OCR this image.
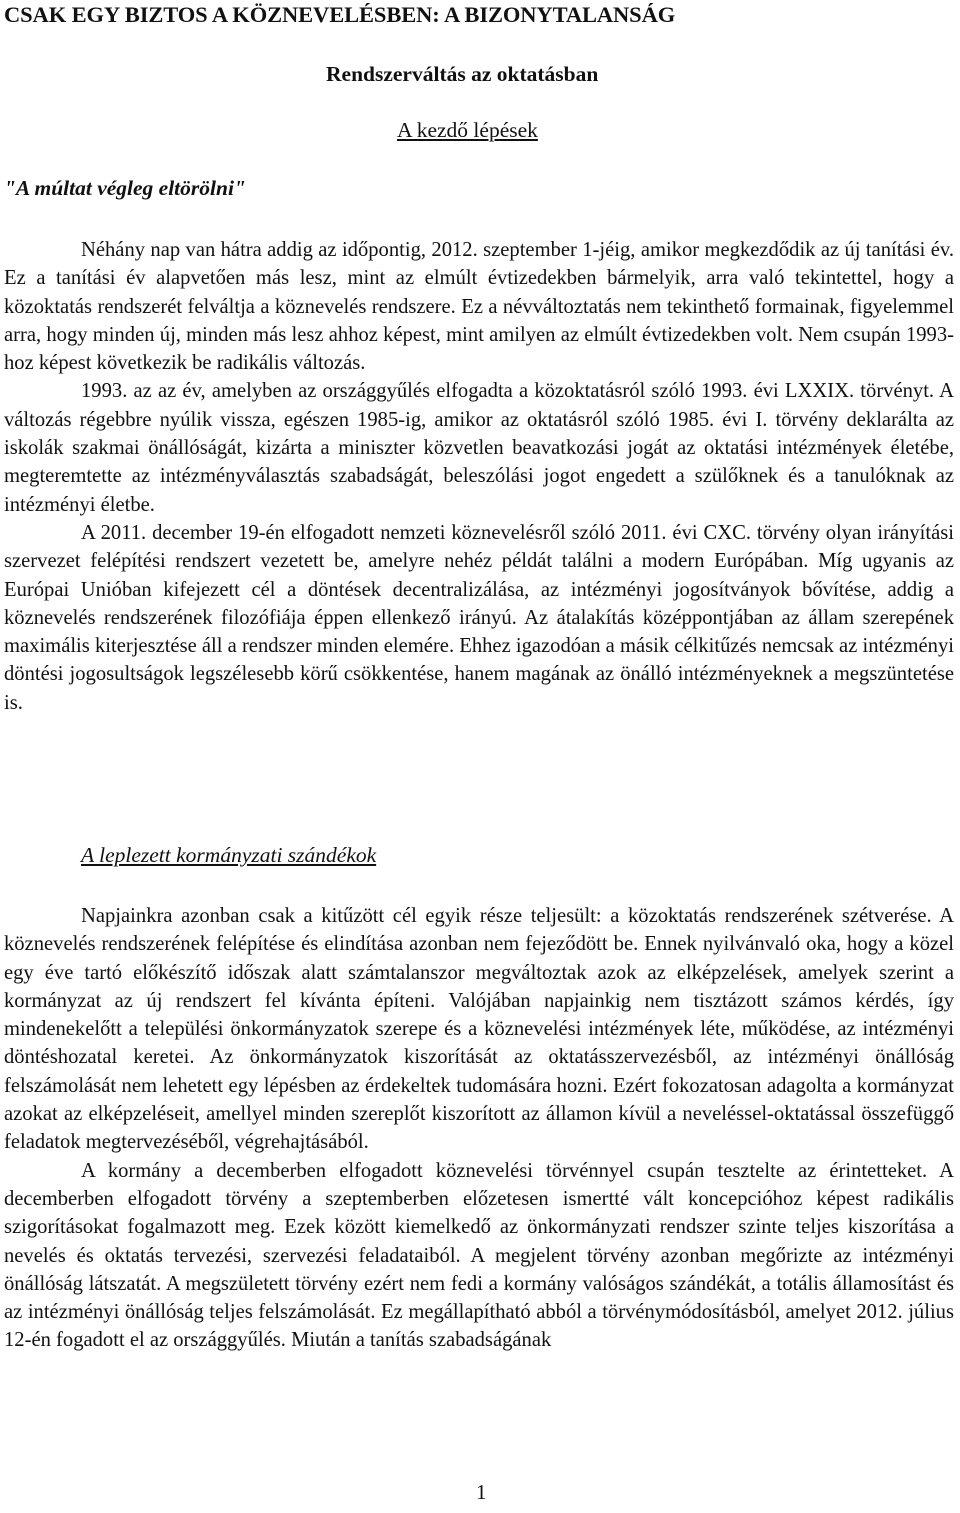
CSAK EGY BIZTOS A KÖZNEVELÉSBEN: A BIZONYTALANSÁG
Rendszerváltás az oktatásban
A kezdő lépések
"A múltat végleg eltörölni"

Néhány nap van hátra addig az időpontig, 2012. szeptember 1-jéig, amikor megkezdődik az új tanítási év. Ez a tanítási év alapvetően más lesz, mint az elmúlt évtizedekben bármelyik, arra való tekintettel, hogy a közoktatás rendszerét felváltja a köznevelés rendszere. Ez a névváltoztatás nem tekinthető formainak, figyelemmel arra, hogy minden új, minden más lesz ahhoz képest, mint amilyen az elmúlt évtizedekben volt. Nem csupán 1993-hoz képest következik be radikális változás.

1993. az az év, amelyben az országgyűlés elfogadta a közoktatásról szóló 1993. évi LXXIX. törvényt. A változás régebbre nyúlik vissza, egészen 1985-ig, amikor az oktatásról szóló 1985. évi I. törvény deklarálta az iskolák szakmai önállóságát, kizárta a miniszter közvetlen beavatkozási jogát az oktatási intézmények életébe, megteremtette az intézményválasztás szabadságát, beleszólási jogot engedett a szülőknek és a tanulóknak az intézményi életbe.

A 2011. december 19-én elfogadott nemzeti köznevelésről szóló 2011. évi CXC. törvény olyan irányítási szervezet felépítési rendszert vezetett be, amelyre nehéz példát találni a modern Európában. Míg ugyanis az Európai Unióban kifejezett cél a döntések decentralizálása, az intézményi jogosítványok bővítése, addig a köznevelés rendszerének filozófiája éppen ellenkező irányú. Az átalakítás középpontjában az állam szerepének maximális kiterjesztése áll a rendszer minden elemére. Ehhez igazodóan a másik célkitűzés nemcsak az intézményi döntési jogosultságok legszélesebb körű csökkentése, hanem magának az önálló intézményeknek a megszüntetése is.

A leplezett kormányzati szándékok

Napjainkra azonban csak a kitűzött cél egyik része teljesült: a közoktatás rendszerének szétverése. A köznevelés rendszerének felépítése és elindítása azonban nem fejeződött be. Ennek nyilvánvaló oka, hogy a közel egy éve tartó előkészítő időszak alatt számtalanszor megváltoztak azok az elképzelések, amelyek szerint a kormányzat az új rendszert fel kívánta építeni. Valójában napjainkig nem tisztázott számos kérdés, így mindenekelőtt a települési önkormányzatok szerepe és a köznevelési intézmények léte, működése, az intézményi döntéshozatal keretei. Az önkormányzatok kiszorítását az oktatásszervezésből, az intézményi önállóság felszámolását nem lehetett egy lépésben az érdekeltek tudomására hozni. Ezért fokozatosan adagolta a kormányzat azokat az elképzeléseit, amellyel minden szereplőt kiszorított az államon kívül a neveléssel-oktatással összefüggő feladatok megtervezéséből, végrehajtásából.

A kormány a decemberben elfogadott köznevelési törvénnyel csupán tesztelte az érintetteket. A decemberben elfogadott törvény a szeptemberben előzetesen ismertté vált koncepcióhoz képest radikális szigorításokat fogalmazott meg. Ezek között kiemelkedő az önkormányzati rendszer szinte teljes kiszorítása a nevelés és oktatás tervezési, szervezési feladataiból. A megjelent törvény azonban megőrizte az intézményi önállóság látszatát. A megszületett törvény ezért nem fedi a kormány valóságos szándékát, a totális államosítást és az intézményi önállóság teljes felszámolását. Ez megállapítható abból a törvénymódosításból, amelyet 2012. július 12-én fogadott el az országgyűlés. Miután a tanítás szabadságának

1
